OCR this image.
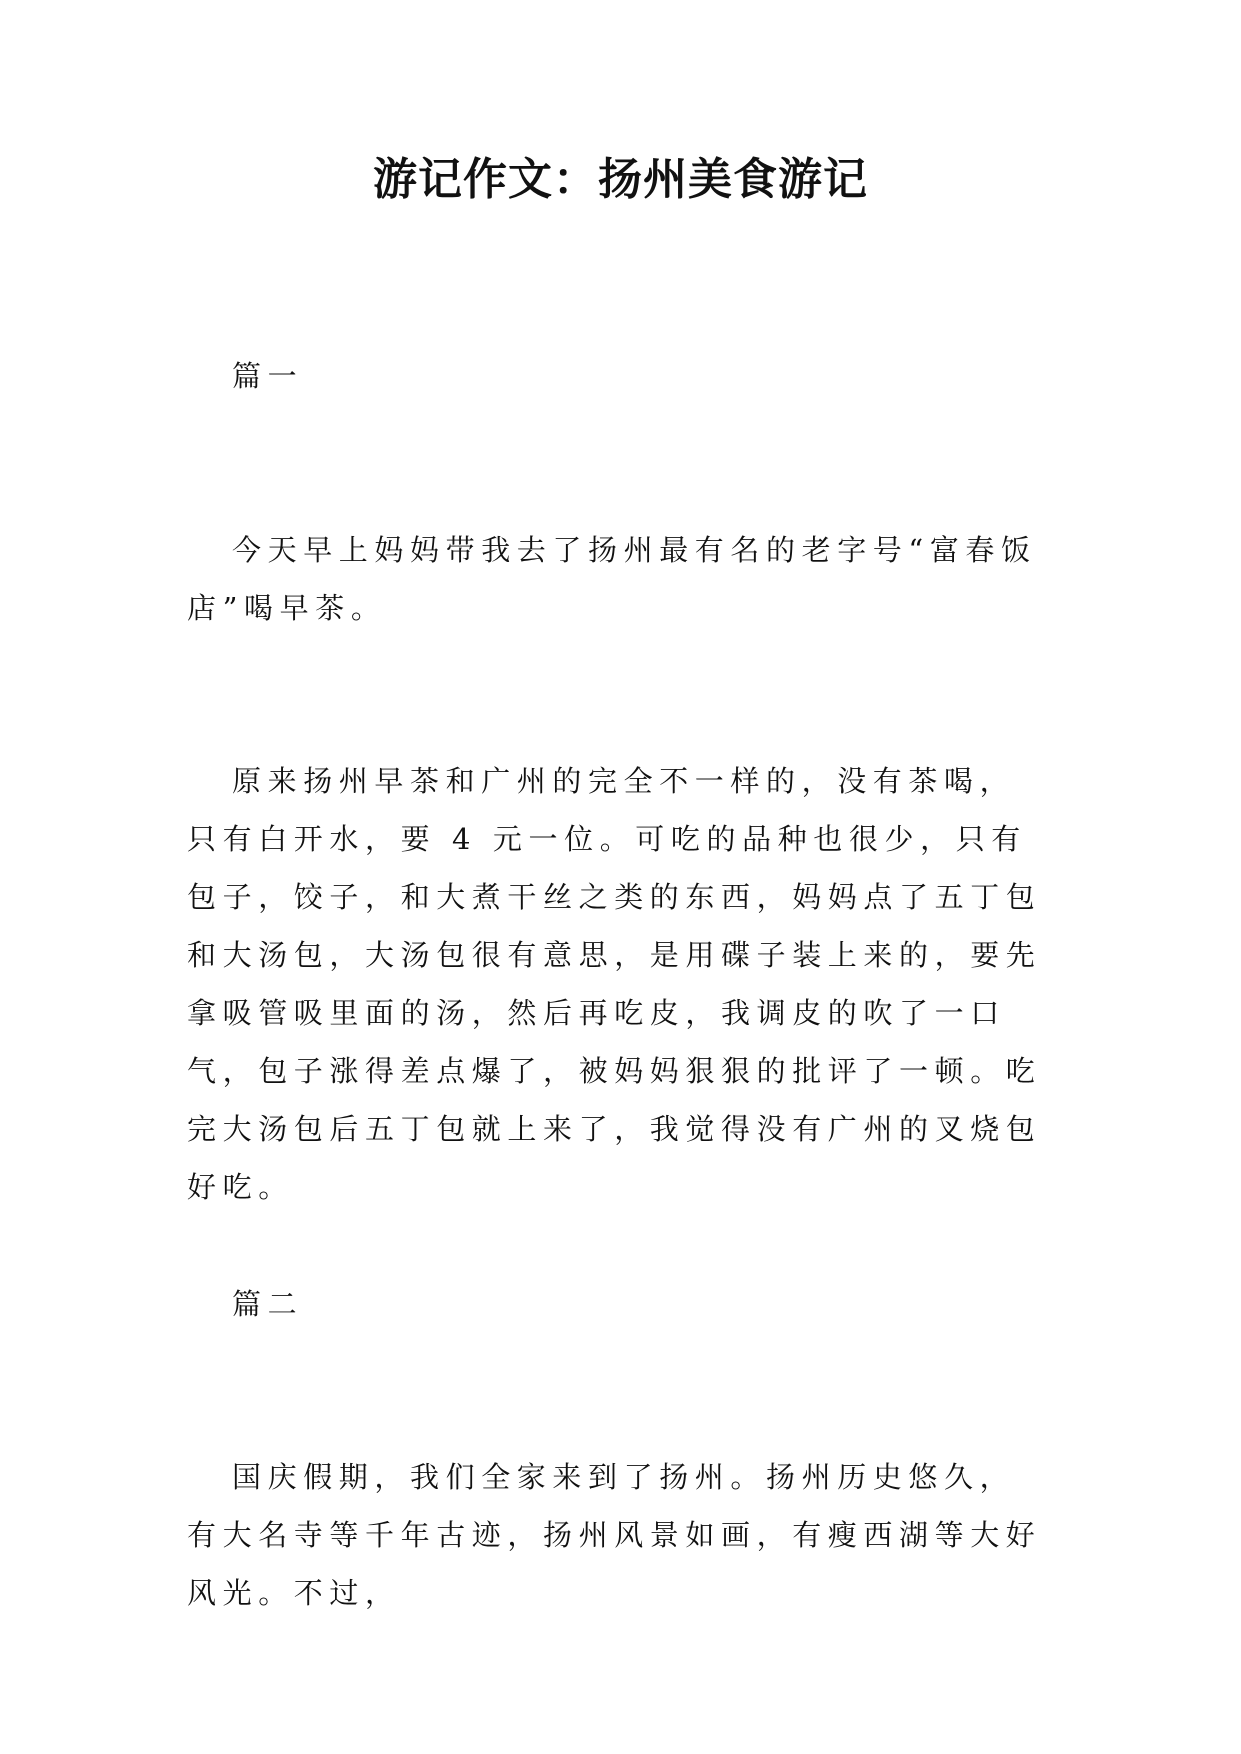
游记作文：扬州美食游记

篇一

今天早上妈妈带我去了扬州最有名的老字号“富春饭店”喝早茶。

原来扬州早茶和广州的完全不一样的，没有茶喝，只有白开水，要 4 元一位。可吃的品种也很少，只有包子，饺子，和大煮干丝之类的东西，妈妈点了五丁包和大汤包，大汤包很有意思，是用碟子装上来的，要先拿吸管吸里面的汤，然后再吃皮，我调皮的吹了一口气，包子涨得差点爆了，被妈妈狠狠的批评了一顿。吃完大汤包后五丁包就上来了，我觉得没有广州的叉烧包好吃。

篇二

国庆假期，我们全家来到了扬州。扬州历史悠久，有大名寺等千年古迹，扬州风景如画，有瘦西湖等大好风光。不过，
